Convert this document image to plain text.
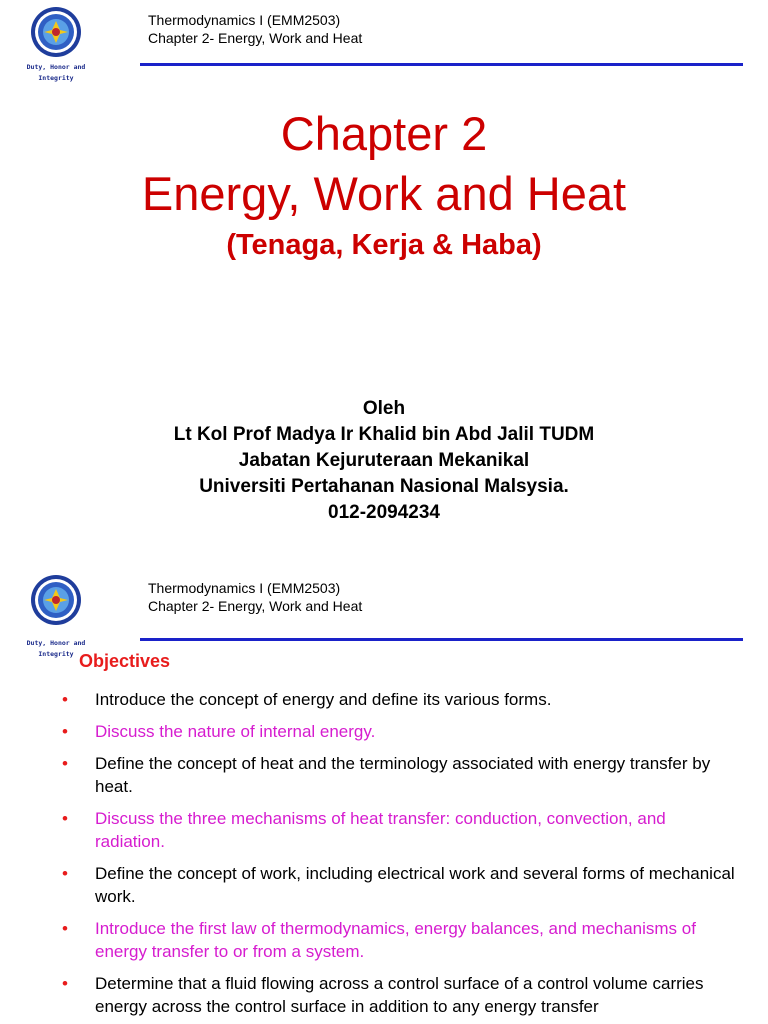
Duty, Honor and
Integrity
Thermodynamics I (EMM2503)
Chapter 2- Energy, Work and Heat
Chapter 2
Energy, Work and Heat
(Tenaga, Kerja & Haba)
Oleh
Lt Kol Prof Madya Ir Khalid bin Abd Jalil TUDM
Jabatan Kejuruteraan Mekanikal
Universiti Pertahanan Nasional Malsysia.
012-2094234
Duty, Honor and
Integrity
Thermodynamics I (EMM2503)
Chapter 2- Energy, Work and Heat
Objectives
• Introduce the concept of energy and define its various forms.
• Discuss the nature of internal energy.
• Define the concept of heat and the terminology associated with energy transfer by heat.
• Discuss the three mechanisms of heat transfer: conduction, convection, and radiation.
• Define the concept of work, including electrical work and several forms of mechanical work.
• Introduce the first law of thermodynamics, energy balances, and mechanisms of energy transfer to or from a system.
• Determine that a fluid flowing across a control surface of a control volume carries energy across the control surface in addition to any energy transfer
